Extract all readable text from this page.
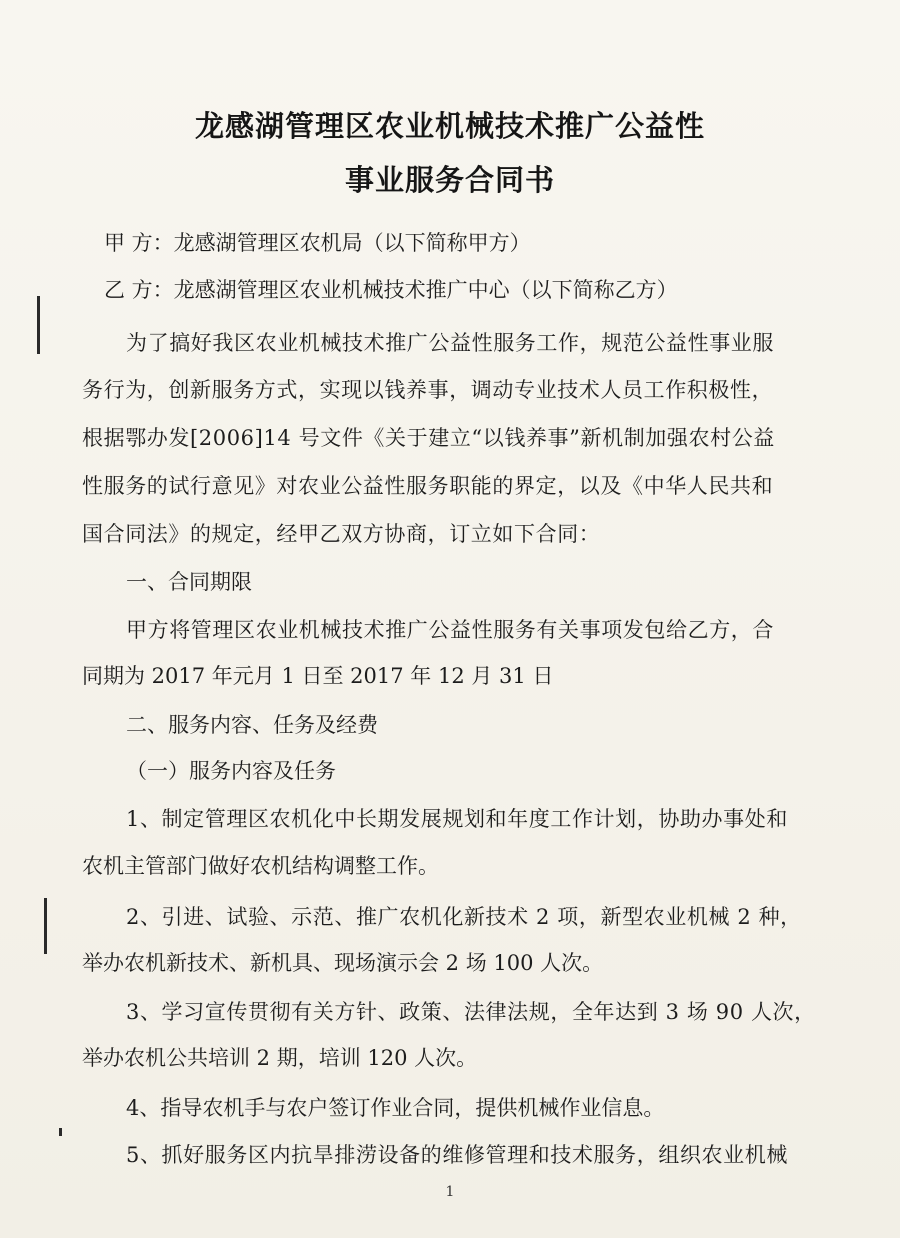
龙感湖管理区农业机械技术推广公益性
事业服务合同书
甲 方：龙感湖管理区农机局（以下简称甲方）
乙 方：龙感湖管理区农业机械技术推广中心（以下简称乙方）
为了搞好我区农业机械技术推广公益性服务工作，规范公益性事业服
务行为，创新服务方式，实现以钱养事，调动专业技术人员工作积极性，
根据鄂办发[2006]14 号文件《关于建立“以钱养事”新机制加强农村公益
性服务的试行意见》对农业公益性服务职能的界定，以及《中华人民共和
国合同法》的规定，经甲乙双方协商，订立如下合同：
一、合同期限
甲方将管理区农业机械技术推广公益性服务有关事项发包给乙方，合
同期为 2017 年元月 1 日至 2017 年 12 月 31 日
二、服务内容、任务及经费
（一）服务内容及任务
1、制定管理区农机化中长期发展规划和年度工作计划，协助办事处和
农机主管部门做好农机结构调整工作。
2、引进、试验、示范、推广农机化新技术 2 项，新型农业机械 2 种，
举办农机新技术、新机具、现场演示会 2 场 100 人次。
3、学习宣传贯彻有关方针、政策、法律法规，全年达到 3 场 90 人次，
举办农机公共培训 2 期，培训 120 人次。
4、指导农机手与农户签订作业合同，提供机械作业信息。
5、抓好服务区内抗旱排涝设备的维修管理和技术服务，组织农业机械
1
